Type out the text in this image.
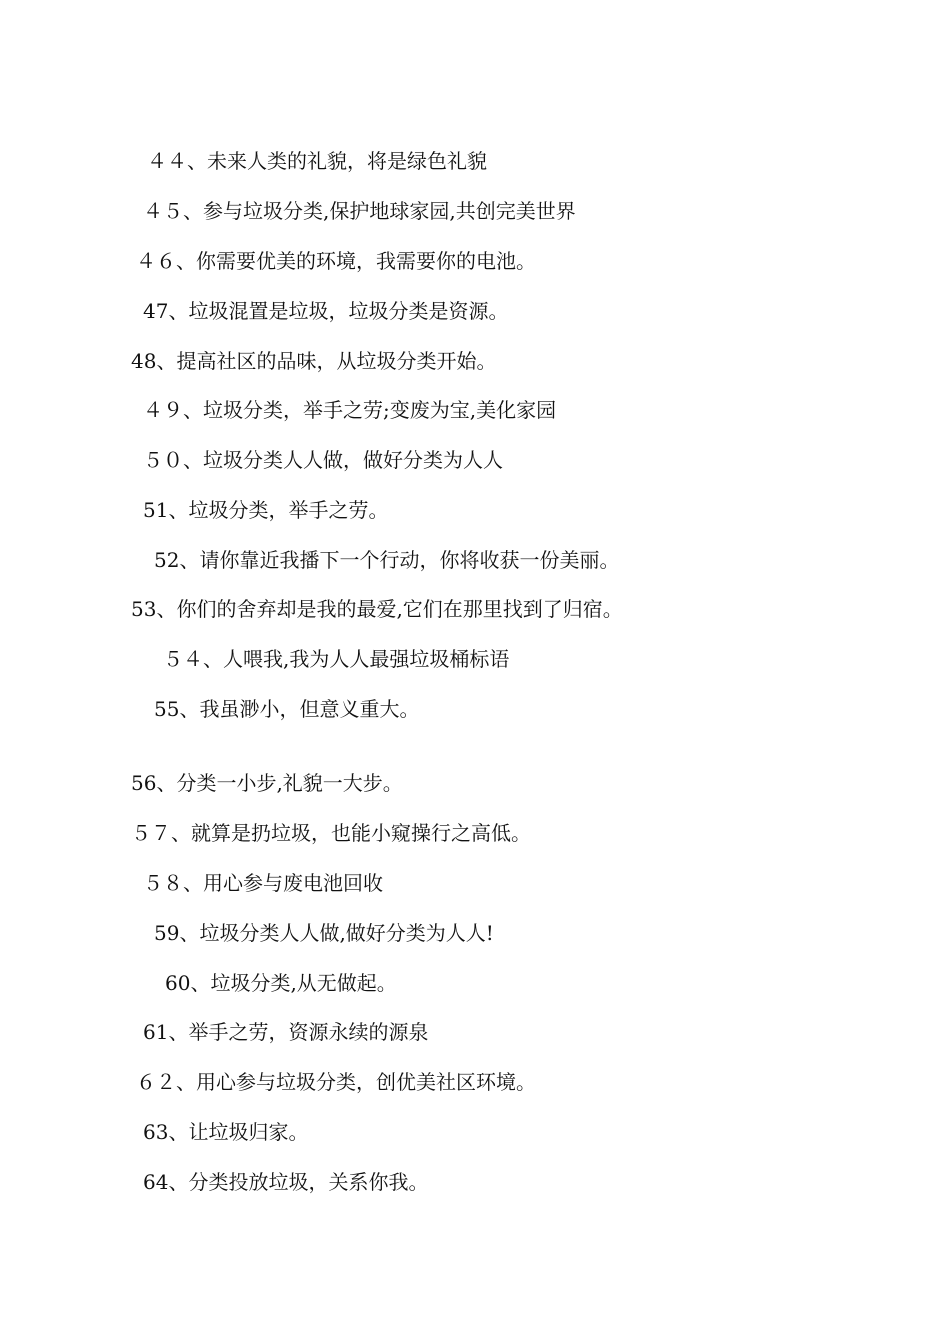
４４、未来人类的礼貌，将是绿色礼貌

４５、参与垃圾分类,保护地球家园,共创完美世界

４６、你需要优美的环境，我需要你的电池。

47、垃圾混置是垃圾，垃圾分类是资源。

48、提高社区的品味，从垃圾分类开始。

４９、垃圾分类，举手之劳;变废为宝,美化家园

５０、垃圾分类人人做，做好分类为人人

51、垃圾分类，举手之劳。

52、请你靠近我播下一个行动，你将收获一份美丽。

53、你们的舍弃却是我的最爱,它们在那里找到了归宿。

５４、人喂我,我为人人最强垃圾桶标语

55、我虽渺小，但意义重大。

56、分类一小步,礼貌一大步。

５７、就算是扔垃圾，也能小窥操行之高低。

５８、用心参与废电池回收

59、垃圾分类人人做,做好分类为人人!

60、垃圾分类,从无做起。

61、举手之劳，资源永续的源泉

６２、用心参与垃圾分类，创优美社区环境。

63、让垃圾归家。

64、分类投放垃圾，关系你我。
